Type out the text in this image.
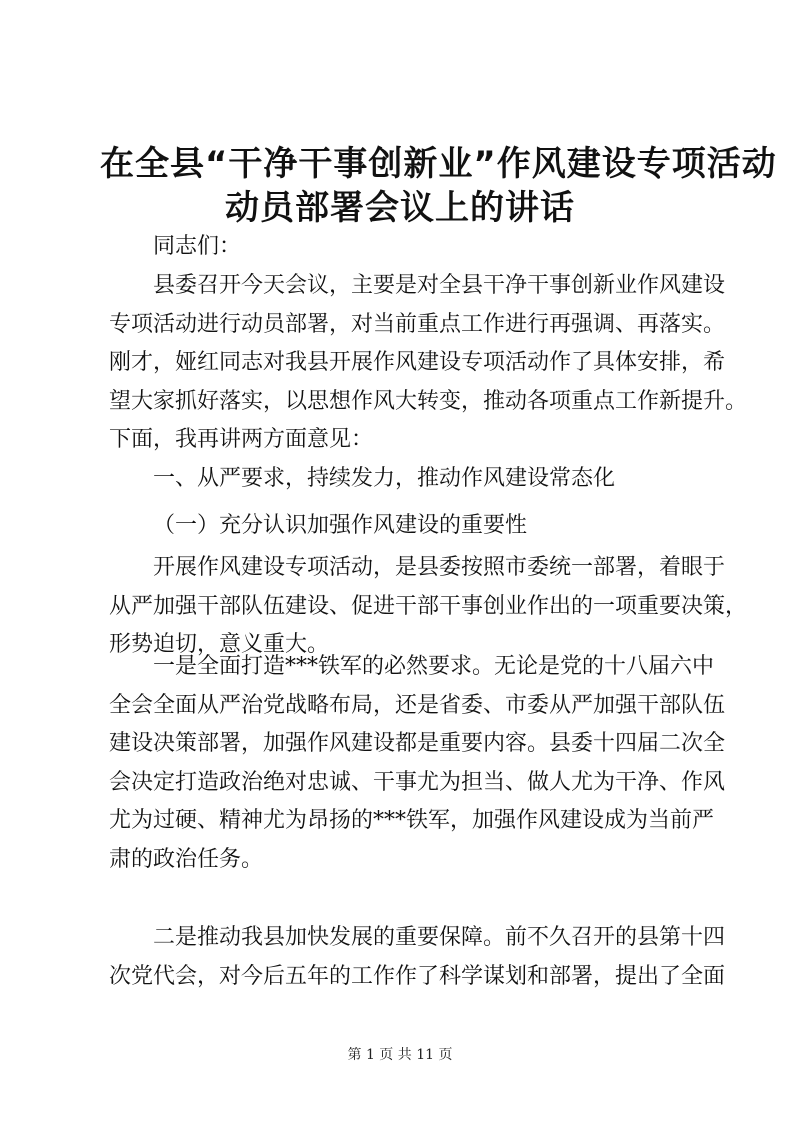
在全县“干净干事创新业”作风建设专项活动
动员部署会议上的讲话

同志们：

县委召开今天会议，主要是对全县干净干事创新业作风建设
专项活动进行动员部署，对当前重点工作进行再强调、再落实。
刚才，娅红同志对我县开展作风建设专项活动作了具体安排，希
望大家抓好落实，以思想作风大转变，推动各项重点工作新提升。
下面，我再讲两方面意见：

一、从严要求，持续发力，推动作风建设常态化

（一）充分认识加强作风建设的重要性

开展作风建设专项活动，是县委按照市委统一部署，着眼于
从严加强干部队伍建设、促进干部干事创业作出的一项重要决策，
形势迫切，意义重大。

一是全面打造***铁军的必然要求。无论是党的十八届六中
全会全面从严治党战略布局，还是省委、市委从严加强干部队伍
建设决策部署，加强作风建设都是重要内容。县委十四届二次全
会决定打造政治绝对忠诚、干事尤为担当、做人尤为干净、作风
尤为过硬、精神尤为昂扬的***铁军，加强作风建设成为当前严
肃的政治任务。

二是推动我县加快发展的重要保障。前不久召开的县第十四
次党代会，对今后五年的工作作了科学谋划和部署，提出了全面

第 1 页 共 11 页
